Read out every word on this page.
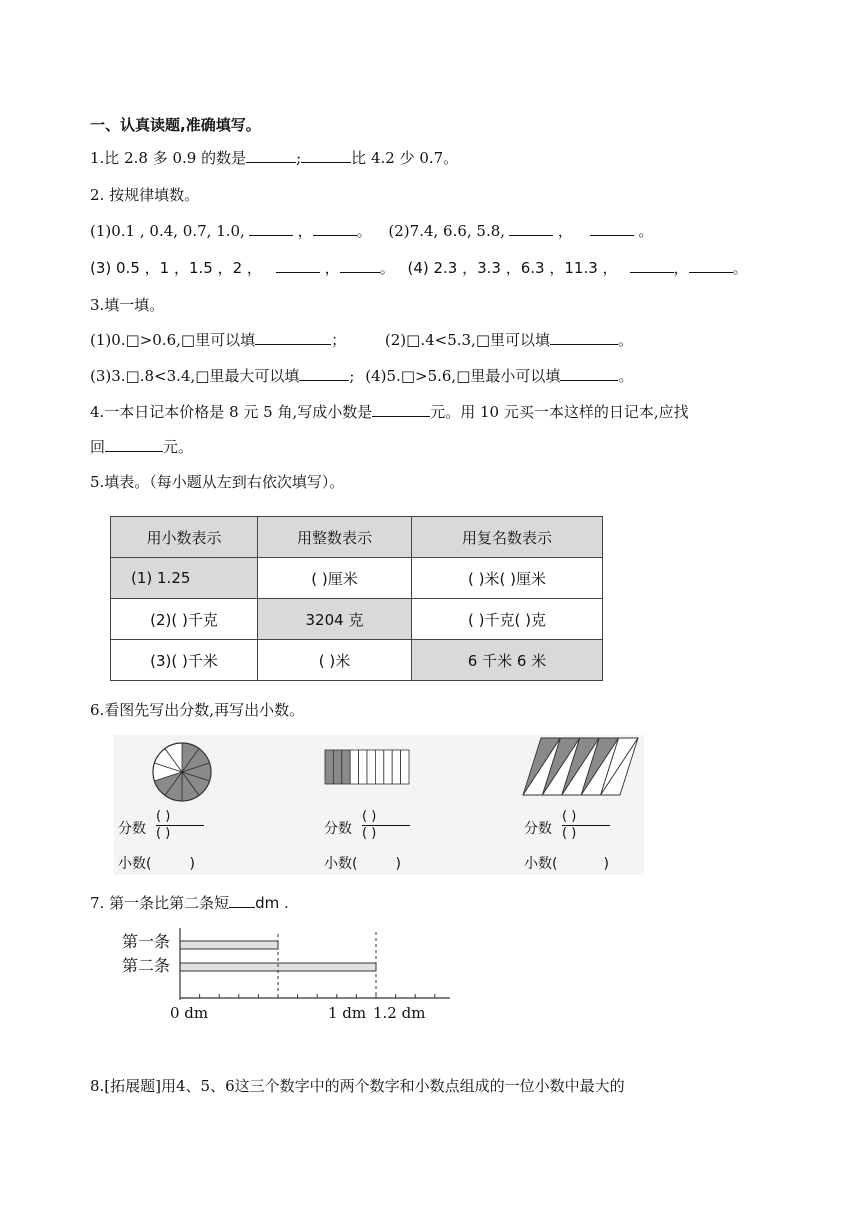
一、认真读题,准确填写。
1.比 2.8 多 0.9 的数是	;	比 4.2 少 0.7。
2. 按规律填数。
(1)0.1 , 0.4, 0.7, 1.0,	，	。 (2)7.4, 6.6, 5.8,	，	。
(3) 0.5 ，1 ，1.5 ，2 ，	，	。 (4) 2.3 ，3.3 ，6.3 ，11.3 ，	，	。
3.填一填。
(1)0.□>0.6,□里可以填	；	(2)□.4<5.3,□里可以填	。
(3)3.□.8<3.4,□里最大可以填	; (4)5.□>5.6,□里最小可以填	。
4.一本日记本价格是 8 元 5 角,写成小数是	元。用 10 元买一本这样的日记本,应找
回	元。
5.填表。（每小题从左到右依次填写）。
用小数表示	用整数表示	用复名数表示
(1) 1.25	( )厘米	( )米( )厘米
(2)( )千克	3204 克	( )千克( )克
(3)( )千米	( )米	6 千米 6 米
6.看图先写出分数,再写出小数。
分数
( )
( )
小数(	)
分数
( )
( )
小数(	)
分数
( )
( )
小数(	)
7. 第一条比第二条短 dm .
第一条
第二条
0 dm	1 dm 1.2 dm
8.[拓展题]用4、5、6这三个数字中的两个数字和小数点组成的一位小数中最大的
